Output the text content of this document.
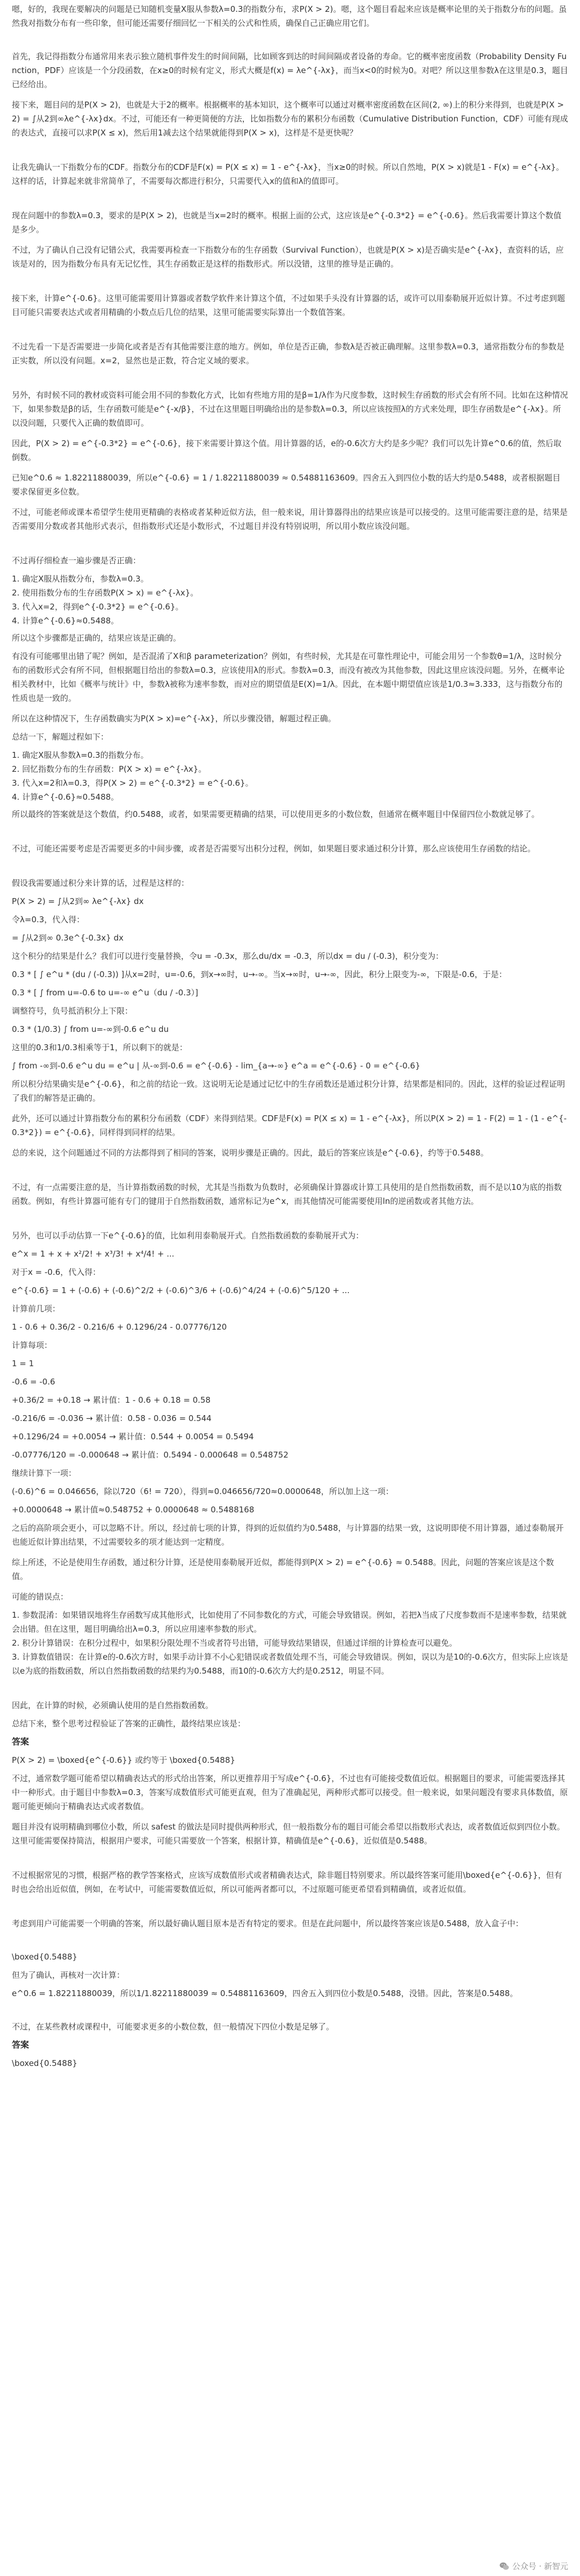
嗯，好的，我现在要解决的问题是已知随机变量X服从参数λ=0.3的指数分布，求P(X > 2)。嗯，这个题目看起来应该是概率论里的关于指数分布的问题。虽然我对指数分布有一些印象，但可能还需要仔细回忆一下相关的公式和性质，确保自己正确应用它们。

首先，我记得指数分布通常用来表示独立随机事件发生的时间间隔，比如顾客到达的时间间隔或者设备的寿命。它的概率密度函数（Probability Density Function，PDF）应该是一个分段函数，在x≥0的时候有定义，形式大概是f(x) = λe^{-λx}，而当x<0的时候为0。对吧？所以这里参数λ在这里是0.3，题目已经给出。

接下来，题目问的是P(X > 2)，也就是大于2的概率。根据概率的基本知识，这个概率可以通过对概率密度函数在区间(2, ∞)上的积分来得到，也就是P(X > 2) = ∫从2到∞λe^{-λx}dx。不过，可能还有一种更简便的方法，比如指数分布的累积分布函数（Cumulative Distribution Function，CDF）可能有现成的表达式，直接可以求P(X ≤ x)，然后用1减去这个结果就能得到P(X > x)，这样是不是更快呢？

让我先确认一下指数分布的CDF。指数分布的CDF是F(x) = P(X ≤ x) = 1 - e^{-λx}，当x≥0的时候。所以自然地，P(X > x)就是1 - F(x) = e^{-λx}。这样的话，计算起来就非常简单了，不需要每次都进行积分，只需要代入x的值和λ的值即可。

现在问题中的参数λ=0.3，要求的是P(X > 2)，也就是当x=2时的概率。根据上面的公式，这应该是e^{-0.3*2} = e^{-0.6}。然后我需要计算这个数值是多少。

不过，为了确认自己没有记错公式，我需要再检查一下指数分布的生存函数（Survival Function），也就是P(X > x)是否确实是e^{-λx}，查资料的话，应该是对的，因为指数分布具有无记忆性，其生存函数正是这样的指数形式。所以没错，这里的推导是正确的。

接下来，计算e^{-0.6}。这里可能需要用计算器或者数学软件来计算这个值，不过如果手头没有计算器的话，或许可以用泰勒展开近似计算。不过考虑到题目可能只需要表达式或者用精确的小数点后几位的结果，这里可能需要实际算出一个数值答案。

不过先看一下是否需要进一步简化或者是否有其他需要注意的地方。例如，单位是否正确，参数λ是否被正确理解。这里参数λ=0.3，通常指数分布的参数是正实数，所以没有问题。x=2，显然也是正数，符合定义域的要求。

另外，有时候不同的教材或资料可能会用不同的参数化方式，比如有些地方用的是β=1/λ作为尺度参数，这时候生存函数的形式会有所不同。比如在这种情况下，如果参数是β的话，生存函数可能是e^{-x/β}，不过在这里题目明确给出的是参数λ=0.3，所以应该按照λ的方式来处理，即生存函数是e^{-λx}。所以没问题，只要代入正确的数值即可。

因此，P(X > 2) = e^{-0.3*2} = e^{-0.6}，接下来需要计算这个值。用计算器的话，e的-0.6次方大约是多少呢？我们可以先计算e^0.6的值，然后取倒数。

已知e^0.6 ≈ 1.82211880039，所以e^{-0.6} = 1 / 1.82211880039 ≈ 0.54881163609。四舍五入到四位小数的话大约是0.5488，或者根据题目要求保留更多位数。

不过，可能老师或课本希望学生使用更精确的表格或者某种近似方法，但一般来说，用计算器得出的结果应该是可以接受的。这里可能需要注意的是，结果是否需要用分数或者其他形式表示，但指数形式还是小数形式，不过题目并没有特别说明，所以用小数应该没问题。

不过再仔细检查一遍步骤是否正确：

1. 确定X服从指数分布，参数λ=0.3。
2. 使用指数分布的生存函数P(X > x) = e^{-λx}。
3. 代入x=2，得到e^{-0.3*2} = e^{-0.6}。
4. 计算e^{-0.6}≈0.5488。

所以这个步骤都是正确的，结果应该是正确的。

有没有可能哪里出错了呢？例如，是否混淆了X和β parameterization？例如，有些时候，尤其是在可靠性理论中，可能会用另一个参数θ=1/λ，这时候分布的函数形式会有所不同，但根据题目给出的参数λ=0.3，应该使用λ的形式。参数λ=0.3，而没有被改为其他参数，因此这里应该没问题。另外，在概率论相关教材中，比如《概率与统计》中，参数λ被称为速率参数，而对应的期望值是E(X)=1/λ。因此，在本题中期望值应该是1/0.3≈3.333，这与指数分布的性质也是一致的。

所以在这种情况下，生存函数确实为P(X > x)=e^{-λx}，所以步骤没错，解题过程正确。

总结一下，解题过程如下：

1. 确定X服从参数λ=0.3的指数分布。
2. 回忆指数分布的生存函数：P(X > x) = e^{-λx}。
3. 代入x=2和λ=0.3，得P(X > 2) = e^{-0.3*2} = e^{-0.6}。
4. 计算e^{-0.6}≈0.5488。

所以最终的答案就是这个数值，约0.5488，或者，如果需要更精确的结果，可以使用更多的小数位数，但通常在概率题目中保留四位小数就足够了。

不过，可能还需要考虑是否需要更多的中间步骤，或者是否需要写出积分过程，例如，如果题目要求通过积分计算，那么应该使用生存函数的结论。

假设我需要通过积分来计算的话，过程是这样的：

P(X > 2) = ∫从2到∞ λe^{-λx} dx

令λ=0.3，代入得：

= ∫从2到∞ 0.3e^{-0.3x} dx

这个积分的结果是什么？我们可以进行变量替换，令u = -0.3x，那么du/dx = -0.3，所以dx = du / (-0.3)，积分变为：

0.3 * [ ∫ e^u * (du / (-0.3)) ]从x=2时，u=-0.6，到x→∞时，u→-∞。当x→∞时，u→-∞，因此，积分上限变为-∞，下限是-0.6，于是：

0.3 * [ ∫ from u=-0.6 to u=-∞ e^u（du / -0.3）]

调整符号，负号抵消积分上下限：

0.3 * (1/0.3) ∫ from u=-∞到-0.6 e^u du

这里的0.3和1/0.3相乘等于1，所以剩下的就是：

∫ from -∞到-0.6 e^u du = e^u | 从-∞到-0.6 = e^{-0.6} - lim_{a→-∞} e^a = e^{-0.6} - 0 = e^{-0.6}

所以积分结果确实是e^{-0.6}，和之前的结论一致。这说明无论是通过记忆中的生存函数还是通过积分计算，结果都是相同的。因此，这样的验证过程证明了我们的解答是正确的。

此外，还可以通过计算指数分布的累积分布函数（CDF）来得到结果。CDF是F(x) = P(X ≤ x) = 1 - e^{-λx}，所以P(X > 2) = 1 - F(2) = 1 - (1 - e^{-0.3*2}) = e^{-0.6}，同样得到同样的结果。

总的来说，这个问题通过不同的方法都得到了相同的答案，说明步骤是正确的。因此，最后的答案应该是e^{-0.6}，约等于0.5488。

不过，有一点需要注意的是，当计算指数函数的时候，尤其是当指数为负数时，必须确保计算器或计算工具使用的是自然指数函数，而不是以10为底的指数函数。例如，有些计算器可能有专门的键用于自然指数函数，通常标记为e^x，而其他情况可能需要使用ln的逆函数或者其他方法。

另外，也可以手动估算一下e^{-0.6}的值，比如利用泰勒展开式。自然指数函数的泰勒展开式为：

e^x = 1 + x + x²/2! + x³/3! + x⁴/4! + ...

对于x = -0.6，代入得：

e^{-0.6} = 1 + (-0.6) + (-0.6)^2/2 + (-0.6)^3/6 + (-0.6)^4/24 + (-0.6)^5/120 + ...

计算前几项：

1 - 0.6 + 0.36/2 - 0.216/6 + 0.1296/24 - 0.07776/120

计算每项：

1 = 1

-0.6 = -0.6

+0.36/2 = +0.18 → 累计值：1 - 0.6 + 0.18 = 0.58

-0.216/6 = -0.036 → 累计值：0.58 - 0.036 = 0.544

+0.1296/24 = +0.0054 → 累计值：0.544 + 0.0054 = 0.5494

-0.07776/120 = -0.000648 → 累计值：0.5494 - 0.000648 = 0.548752

继续计算下一项：

(-0.6)^6 = 0.046656，除以720（6! = 720），得到≈0.046656/720≈0.0000648，所以加上这一项：

+0.0000648 → 累计值≈0.548752 + 0.0000648 ≈ 0.5488168

之后的高阶项会更小，可以忽略不计。所以，经过前七项的计算，得到的近似值约为0.5488，与计算器的结果一致，这说明即使不用计算器，通过泰勒展开也能近似计算出结果，不过需要较多的项才能达到一定精度。

综上所述，不论是使用生存函数，通过积分计算，还是使用泰勒展开近似，都能得到P(X > 2) = e^{-0.6} ≈ 0.5488。因此，问题的答案应该是这个数值。

可能的错误点：

1. 参数混淆：如果错误地将生存函数写成其他形式，比如使用了不同参数化的方式，可能会导致错误。例如，若把λ当成了尺度参数而不是速率参数，结果就会出错。但在这里，题目明确给出λ=0.3，所以应用速率参数的形式。
2. 积分计算错误：在积分过程中，如果积分限处理不当或者符号出错，可能导致结果错误，但通过详细的计算检查可以避免。
3. 计算数值错误：在计算e的-0.6次方时，如果手动计算不小心犯错误或者数值处理不当，可能会导致错误。例如，误以为是10的-0.6次方，但实际上应该是以e为底的指数函数，所以自然指数函数的结果约为0.5488，而10的-0.6次方大约是0.2512，明显不同。

因此，在计算的时候，必须确认使用的是自然指数函数。

总结下来，整个思考过程验证了答案的正确性，最终结果应该是：

答案

P(X > 2) = \boxed{e^{-0.6}} 或约等于 \boxed{0.5488}

不过，通常数学题可能希望以精确表达式的形式给出答案，所以更推荐用于写成e^{-0.6}，不过也有可能接受数值近似。根据题目的要求，可能需要选择其中一种形式。由于题目中参数λ=0.3，答案写成数值形式可能更直观，但为了准确起见，两种形式都可以接受。但一般来说，如果问题没有要求具体数值，原题可能更倾向于精确表达式或者数值。

题目并没有说明精确到哪位小数，所以 safest 的做法是同时提供两种形式，但一般指数分布的题目可能会希望以指数形式表达，或者数值近似到四位小数。这里可能需要保持简洁，根据用户要求，可能只需要放一个答案，根据计算，精确值是e^{-0.6}，近似值是0.5488。

不过根据常见的习惯，根据严格的教学答案格式，应该写成数值形式或者精确表达式，除非题目特别要求。所以最终答案可能用\boxed{e^{-0.6}}，但有时也会给出近似值，例如，在考试中，可能需要数值近似，所以可能两者都可以，不过原题可能更希望看到精确值，或者近似值。

考虑到用户可能需要一个明确的答案，所以最好确认题目原本是否有特定的要求。但是在此问题中，所以最终答案应该是0.5488，放入盒子中：

\boxed{0.5488}

但为了确认，再核对一次计算：

e^0.6 = 1.82211880039，所以1/1.82211880039 ≈ 0.54881163609，四舍五入到四位小数是0.5488，没错。因此，答案是0.5488。

不过，在某些教材或课程中，可能要求更多的小数位数，但一般情况下四位小数是足够了。

答案

\boxed{0.5488}

公众号 · 新智元
